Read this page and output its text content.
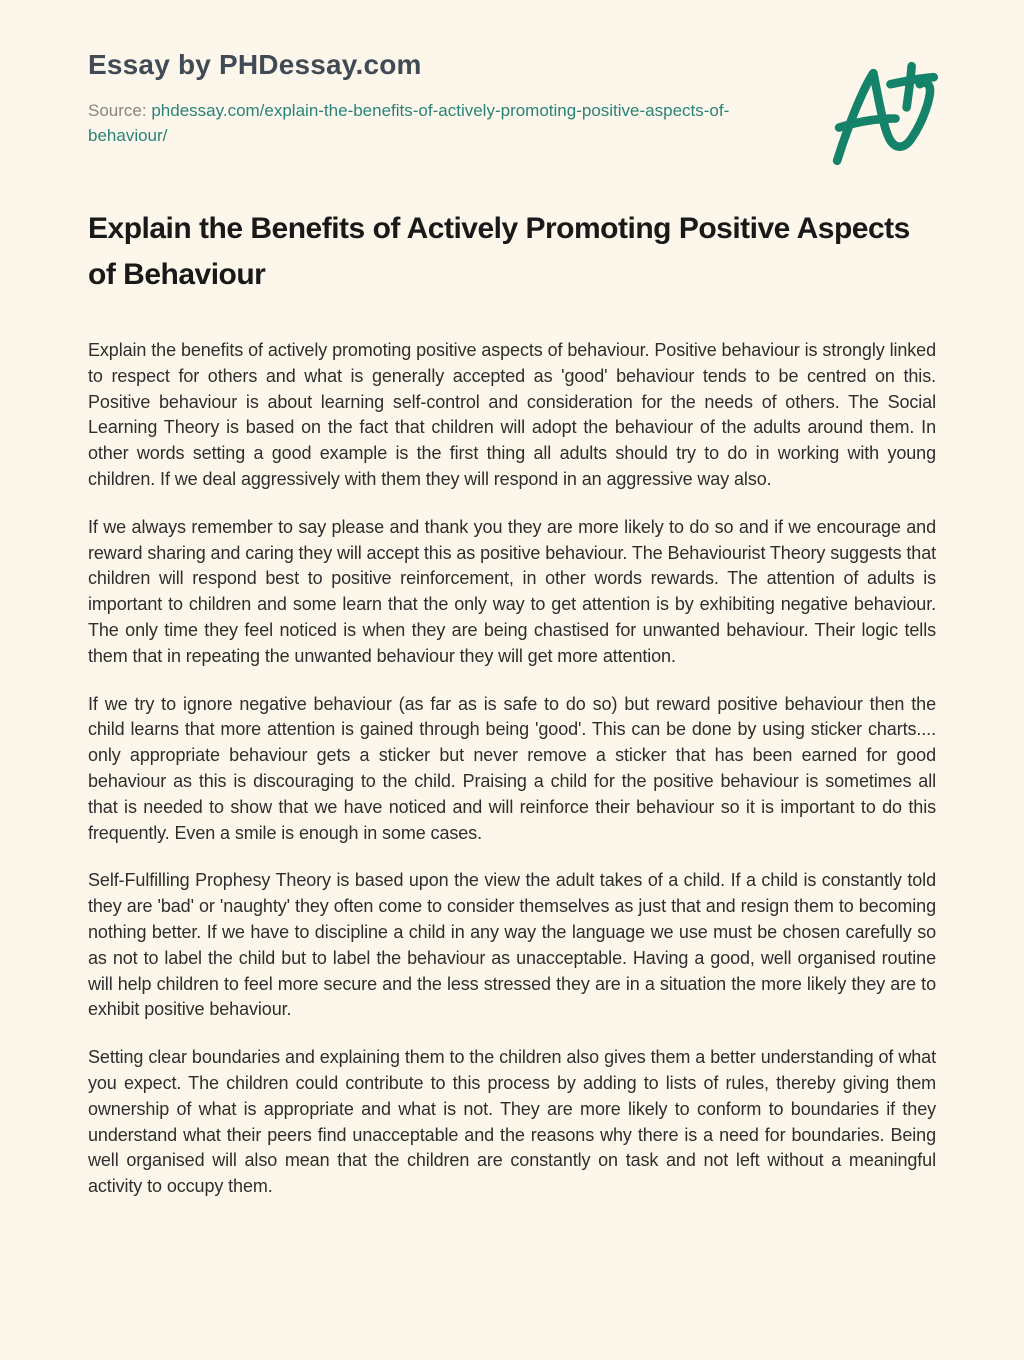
Essay by PHDessay.com

Source: phdessay.com/explain-the-benefits-of-actively-promoting-positive-aspects-of-behaviour/

Explain the Benefits of Actively Promoting Positive Aspects of Behaviour

Explain the benefits of actively promoting positive aspects of behaviour. Positive behaviour is strongly linked to respect for others and what is generally accepted as 'good' behaviour tends to be centred on this. Positive behaviour is about learning self-control and consideration for the needs of others. The Social Learning Theory is based on the fact that children will adopt the behaviour of the adults around them. In other words setting a good example is the first thing all adults should try to do in working with young children. If we deal aggressively with them they will respond in an aggressive way also.

If we always remember to say please and thank you they are more likely to do so and if we encourage and reward sharing and caring they will accept this as positive behaviour. The Behaviourist Theory suggests that children will respond best to positive reinforcement, in other words rewards. The attention of adults is important to children and some learn that the only way to get attention is by exhibiting negative behaviour. The only time they feel noticed is when they are being chastised for unwanted behaviour. Their logic tells them that in repeating the unwanted behaviour they will get more attention.

If we try to ignore negative behaviour (as far as is safe to do so) but reward positive behaviour then the child learns that more attention is gained through being 'good'. This can be done by using sticker charts.... only appropriate behaviour gets a sticker but never remove a sticker that has been earned for good behaviour as this is discouraging to the child. Praising a child for the positive behaviour is sometimes all that is needed to show that we have noticed and will reinforce their behaviour so it is important to do this frequently. Even a smile is enough in some cases.

Self-Fulfilling Prophesy Theory is based upon the view the adult takes of a child. If a child is constantly told they are 'bad' or 'naughty' they often come to consider themselves as just that and resign them to becoming nothing better. If we have to discipline a child in any way the language we use must be chosen carefully so as not to label the child but to label the behaviour as unacceptable. Having a good, well organised routine will help children to feel more secure and the less stressed they are in a situation the more likely they are to exhibit positive behaviour.

Setting clear boundaries and explaining them to the children also gives them a better understanding of what you expect. The children could contribute to this process by adding to lists of rules, thereby giving them ownership of what is appropriate and what is not. They are more likely to conform to boundaries if they understand what their peers find unacceptable and the reasons why there is a need for boundaries. Being well organised will also mean that the children are constantly on task and not left without a meaningful activity to occupy them.
